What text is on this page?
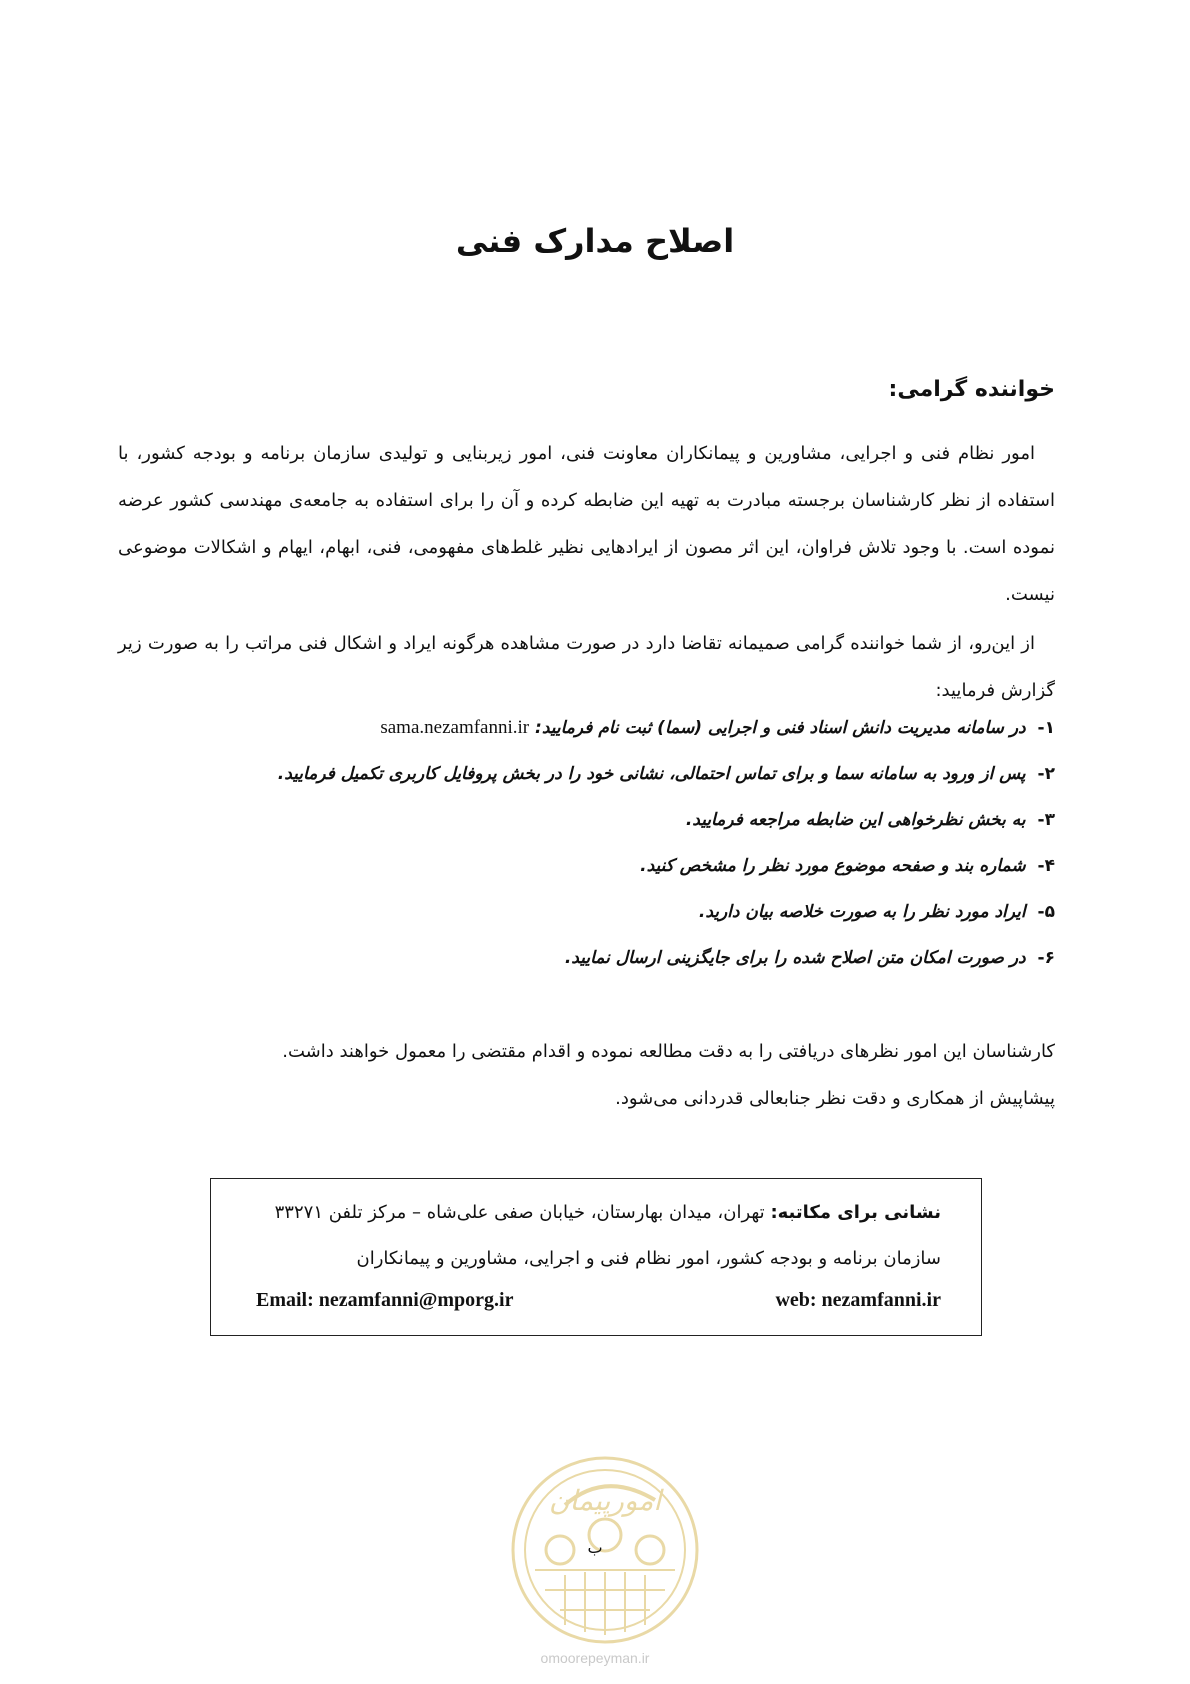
اصلاح مدارک فنی
خواننده گرامی:
امور نظام فنی و اجرایی، مشاورین و پیمانکاران معاونت فنی، امور زیربنایی و تولیدی سازمان برنامه و بودجه کشور، با استفاده از نظر کارشناسان برجسته مبادرت به تهیه این ضابطه کرده و آن را برای استفاده به جامعه‌ی مهندسی کشور عرضه نموده است. با وجود تلاش فراوان، این اثر مصون از ایرادهایی نظیر غلط‌های مفهومی، فنی، ابهام، ایهام و اشکالات موضوعی نیست.
از این‌رو، از شما خواننده گرامی صمیمانه تقاضا دارد در صورت مشاهده هرگونه ایراد و اشکال فنی مراتب را به صورت زیر گزارش فرمایید:
۱- در سامانه مدیریت دانش اسناد فنی و اجرایی (سما) ثبت نام فرمایید: sama.nezamfanni.ir
۲- پس از ورود به سامانه سما و برای تماس احتمالی، نشانی خود را در بخش پروفایل کاربری تکمیل فرمایید.
۳- به بخش نظرخواهی این ضابطه مراجعه فرمایید.
۴- شماره بند و صفحه موضوع مورد نظر را مشخص کنید.
۵- ایراد مورد نظر را به صورت خلاصه بیان دارید.
۶- در صورت امکان متن اصلاح شده را برای جایگزینی ارسال نمایید.
کارشناسان این امور نظرهای دریافتی را به دقت مطالعه نموده و اقدام مقتضی را معمول خواهند داشت.
پیشاپیش از همکاری و دقت نظر جنابعالی قدردانی می‌شود.
نشانی برای مکاتبه: تهران، میدان بهارستان، خیابان صفی علی‌شاه – مرکز تلفن ۳۳۲۷۱
سازمان برنامه و بودجه کشور، امور نظام فنی و اجرایی، مشاورین و پیمانکاران
Email: nezamfanni@mporg.ir	web: nezamfanni.ir
امورپیمان
ب
omoorepeyman.ir
